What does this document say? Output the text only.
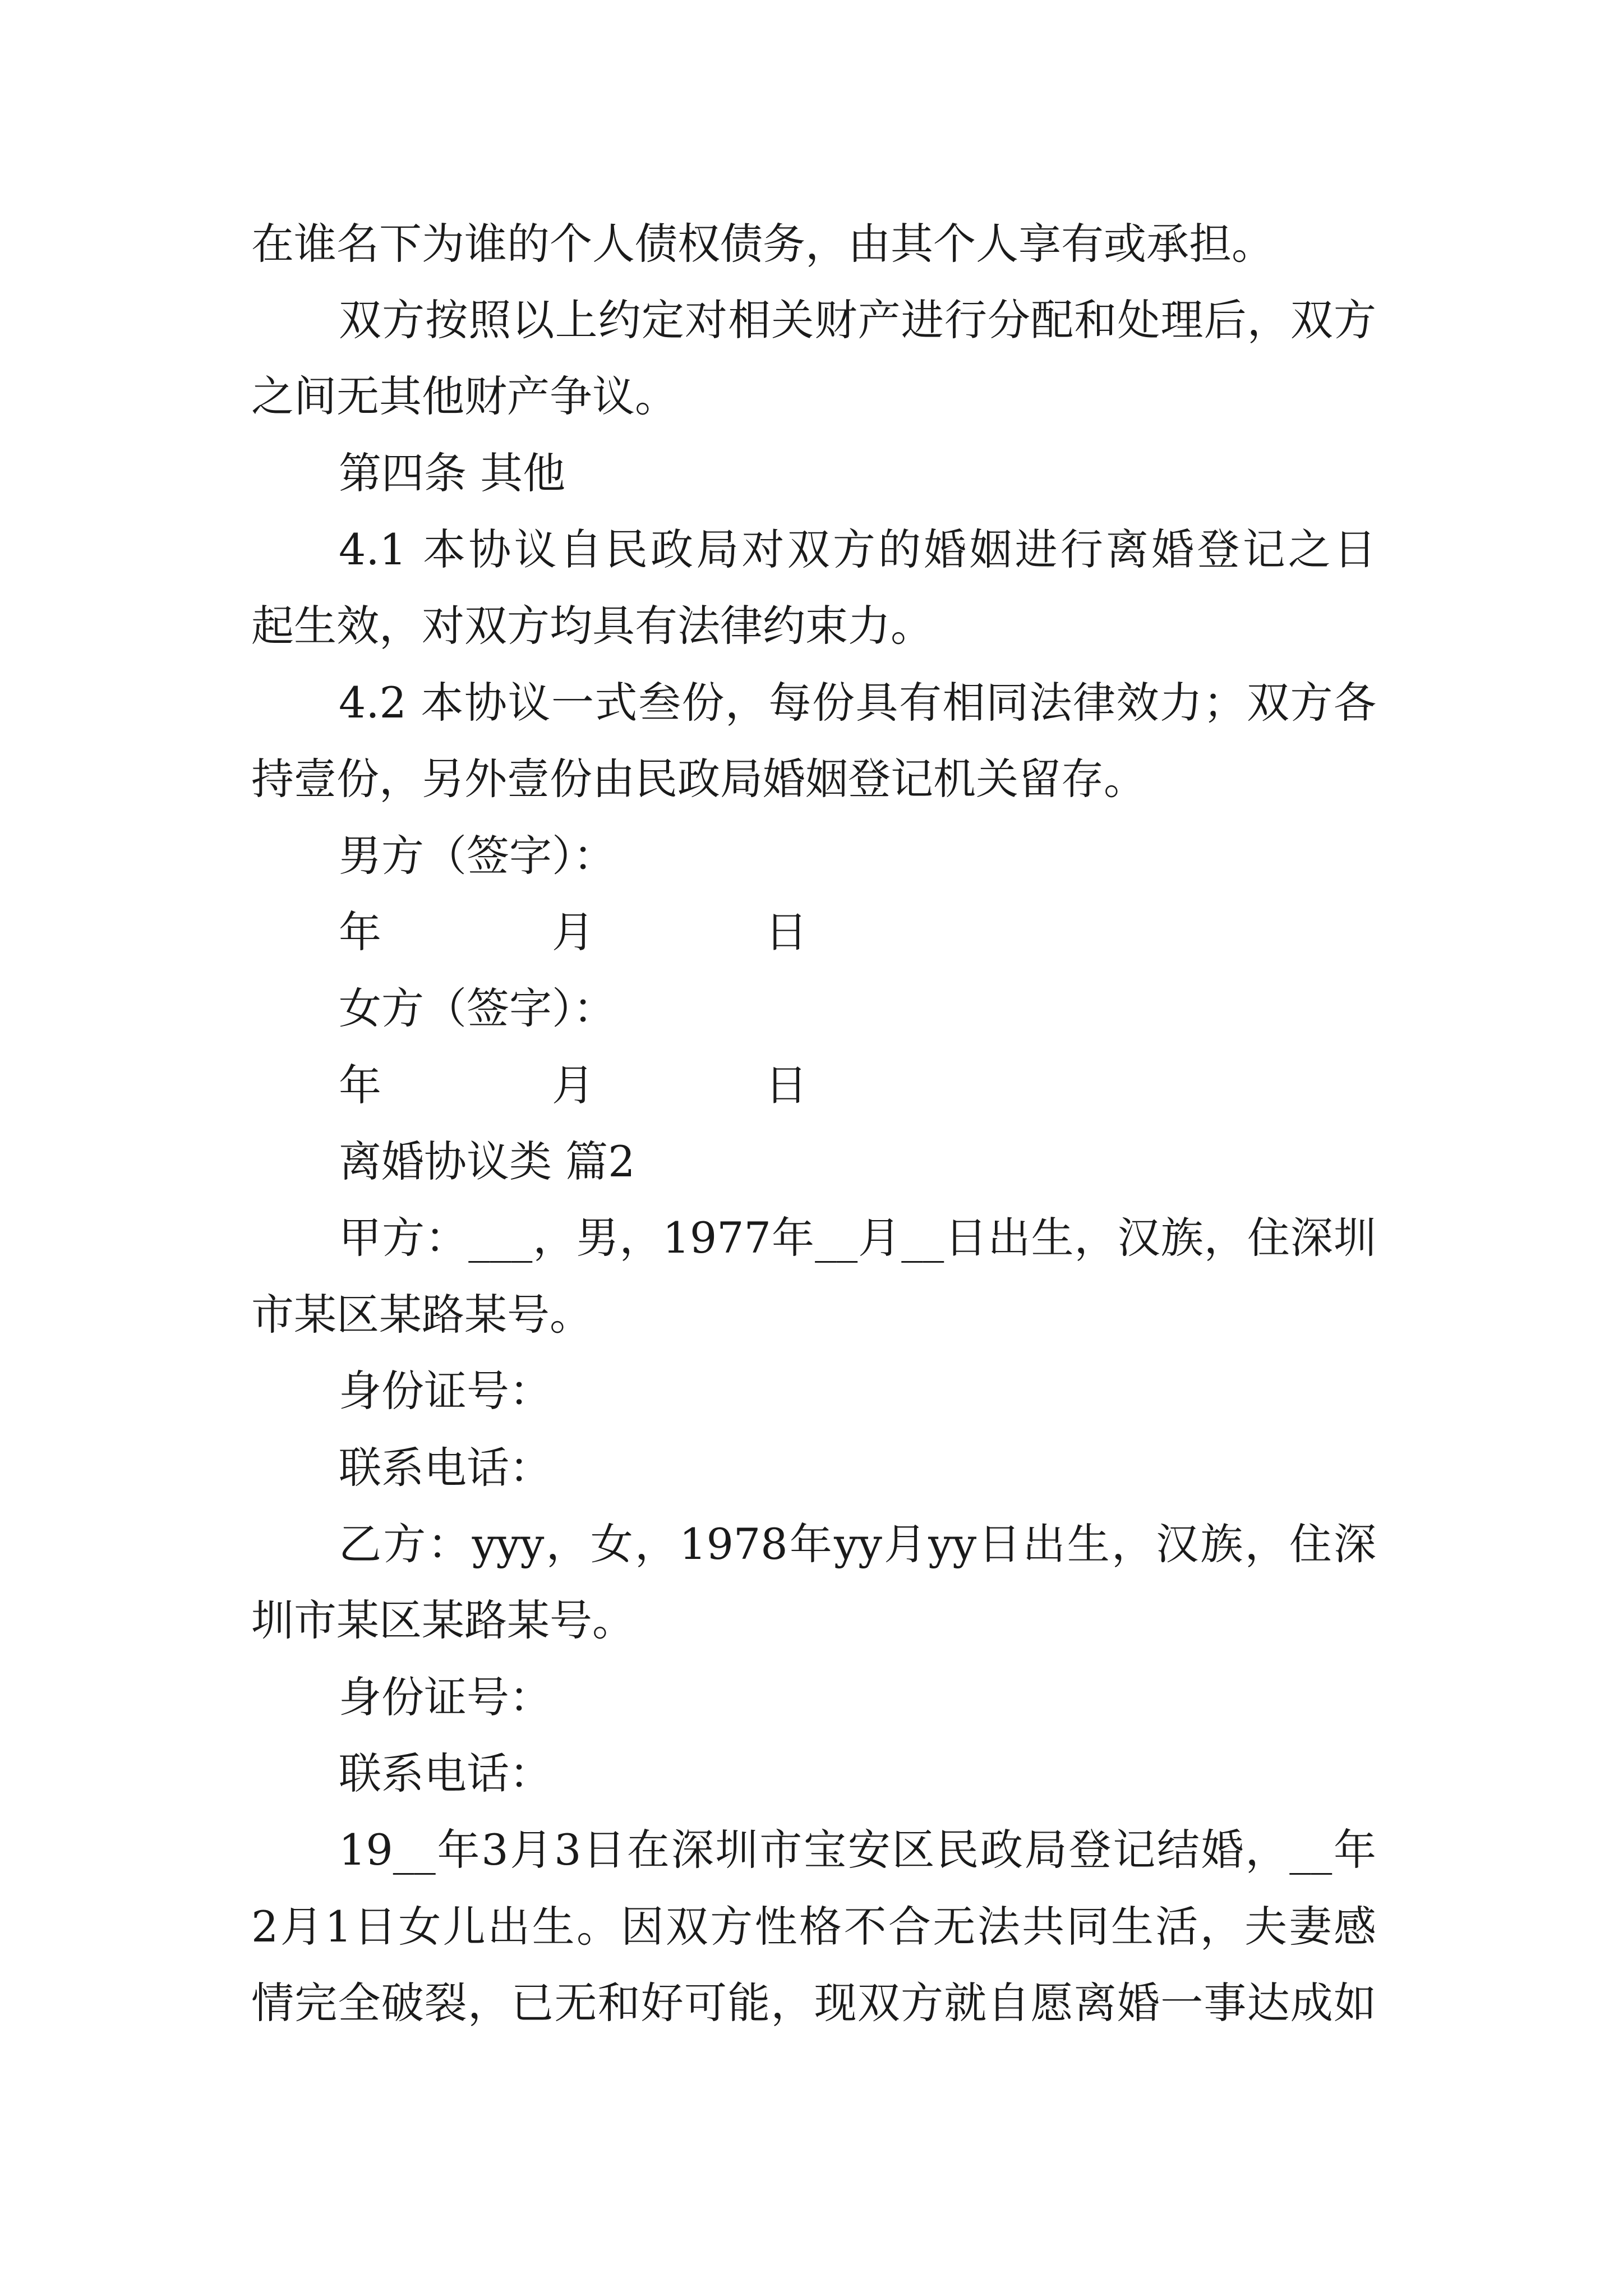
在谁名下为谁的个人债权债务，由其个人享有或承担。
双方按照以上约定对相关财产进行分配和处理后，双方
之间无其他财产争议。
第四条 其他
4.1 本协议自民政局对双方的婚姻进行离婚登记之日
起生效，对双方均具有法律约束力。
4.2 本协议一式叁份，每份具有相同法律效力；双方各
持壹份，另外壹份由民政局婚姻登记机关留存。
男方（签字）：
年　　　　月　　　　日
女方（签字）：
年　　　　月　　　　日
离婚协议类 篇2
甲方：___，男，1977年__月__日出生，汉族，住深圳
市某区某路某号。
身份证号：
联系电话：
乙方：yyy，女，1978年yy月yy日出生，汉族，住深
圳市某区某路某号。
身份证号：
联系电话：
19__年3月3日在深圳市宝安区民政局登记结婚，__年
2月1日女儿出生。因双方性格不合无法共同生活，夫妻感
情完全破裂，已无和好可能，现双方就自愿离婚一事达成如
